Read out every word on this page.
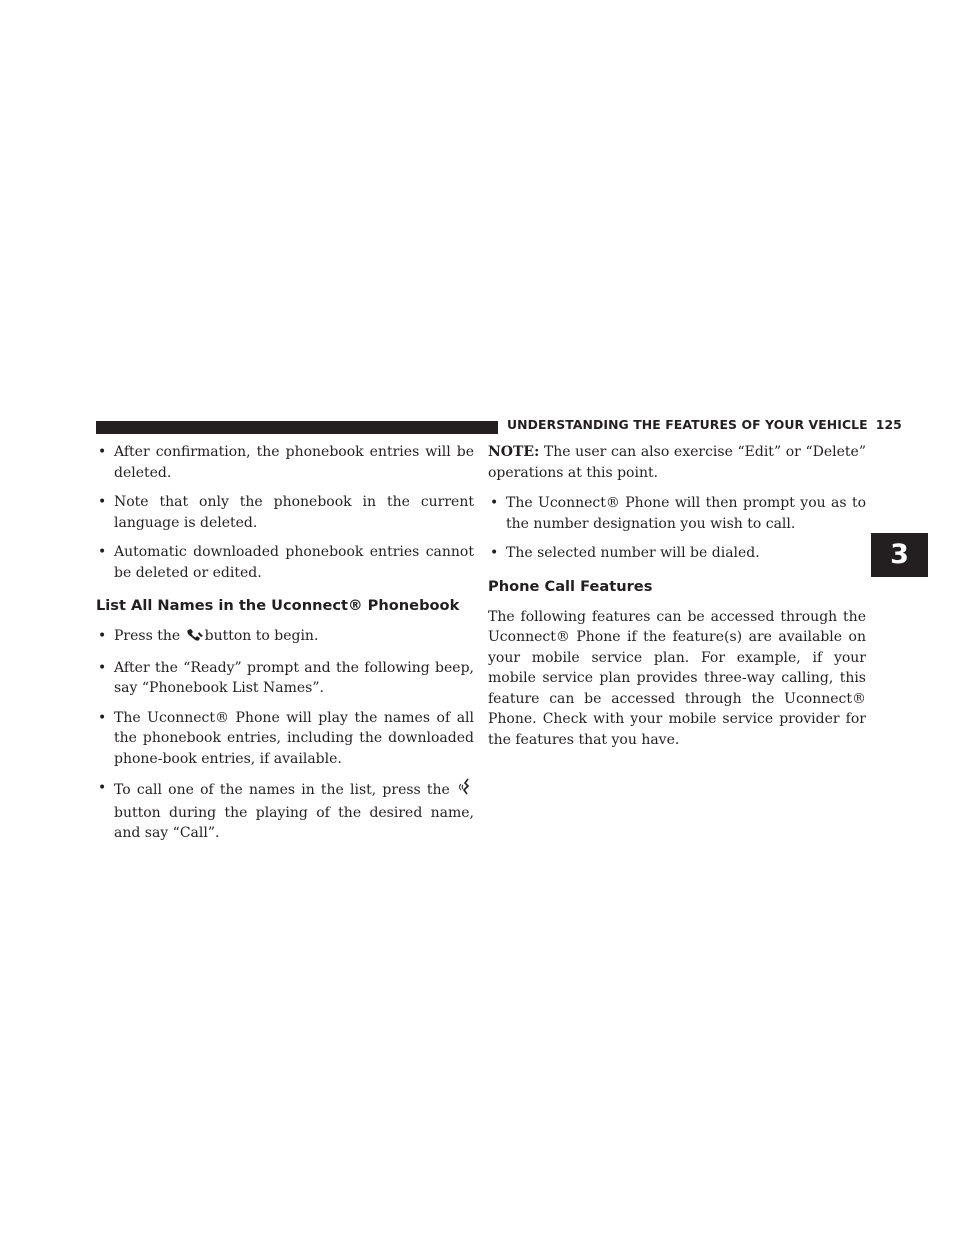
UNDERSTANDING THE FEATURES OF YOUR VEHICLE 125
3
• After confirmation, the phonebook entries will be deleted.
• Note that only the phonebook in the current language is deleted.
• Automatic downloaded phonebook entries cannot be deleted or edited.
List All Names in the Uconnect® Phonebook
• Press the button to begin.
• After the “Ready” prompt and the following beep, say “Phonebook List Names”.
• The Uconnect® Phone will play the names of all the phonebook entries, including the downloaded phone-book entries, if available.
• To call one of the names in the list, press the button during the playing of the desired name, and say “Call”.

NOTE: The user can also exercise “Edit” or “Delete” operations at this point.

• The Uconnect® Phone will then prompt you as to the number designation you wish to call.
• The selected number will be dialed.
Phone Call Features

The following features can be accessed through the Uconnect® Phone if the feature(s) are available on your mobile service plan. For example, if your mobile service plan provides three-way calling, this feature can be accessed through the Uconnect® Phone. Check with your mobile service provider for the features that you have.
